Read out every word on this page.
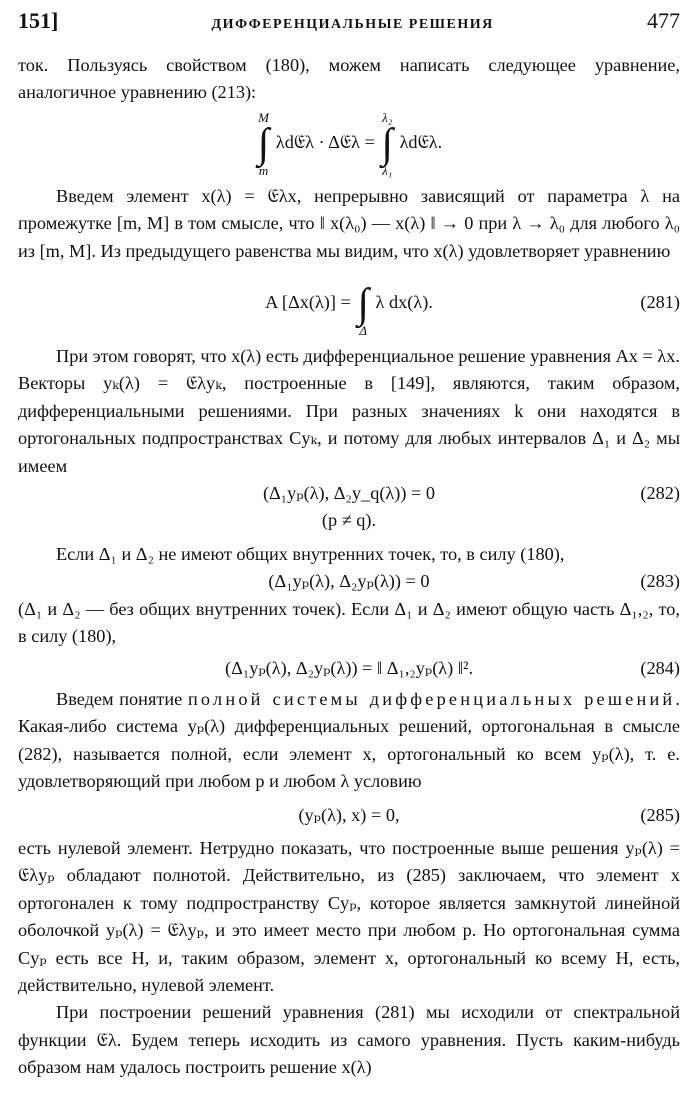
151]	ДИФФЕРЕНЦИАЛЬНЫЕ РЕШЕНИЯ	477

ток. Пользуясь свойством (180), можем написать следующее уравнение, аналогичное уравнению (213):

M
∫
m
λd𝔈λ · Δ𝔈λ =
λ₂
∫
λ₁
λd𝔈λ.

Введем элемент x(λ) = 𝔈λx, непрерывно зависящий от параметра λ на промежутке [m, M] в том смысле, что ‖ x(λ₀) — x(λ) ‖ → 0 при λ → λ₀ для любого λ₀ из [m, M]. Из предыдущего равенства мы видим, что x(λ) удовлетворяет уравнению

A [Δx(λ)] =
∫
Δ
λ dx(λ).	(281)

При этом говорят, что x(λ) есть дифференциальное решение уравнения Ax = λx. Векторы yₖ(λ) = 𝔈λyₖ, построенные в [149], являются, таким образом, дифференциальными решениями. При разных значениях k они находятся в ортогональных подпространствах Cyₖ, и потому для любых интервалов Δ₁ и Δ₂ мы имеем

(Δ₁yₚ(λ), Δ₂y_q(λ)) = 0	(282)
(p ≠ q).

Если Δ₁ и Δ₂ не имеют общих внутренних точек, то, в силу (180),

(Δ₁yₚ(λ), Δ₂yₚ(λ)) = 0	(283)

(Δ₁ и Δ₂ — без общих внутренних точек). Если Δ₁ и Δ₂ имеют общую часть Δ₁,₂, то, в силу (180),

(Δ₁yₚ(λ), Δ₂yₚ(λ)) = ‖ Δ₁,₂yₚ(λ) ‖².	(284)

Введем понятие полной системы дифференциальных решений. Какая-либо система yₚ(λ) дифференциальных решений, ортогональная в смысле (282), называется полной, если элемент x, ортогональный ко всем yₚ(λ), т. е. удовлетворяющий при любом p и любом λ условию

(yₚ(λ), x) = 0,	(285)

есть нулевой элемент. Нетрудно показать, что построенные выше решения yₚ(λ) = 𝔈λyₚ обладают полнотой. Действительно, из (285) заключаем, что элемент x ортогонален к тому подпространству Cyₚ, которое является замкнутой линейной оболочкой yₚ(λ) = 𝔈λyₚ, и это имеет место при любом p. Но ортогональная сумма Cyₚ есть все H, и, таким образом, элемент x, ортогональный ко всему H, есть, действительно, нулевой элемент.

При построении решений уравнения (281) мы исходили от спектральной функции 𝔈λ. Будем теперь исходить из самого уравнения. Пусть каким-нибудь образом нам удалось построить решение x(λ)
